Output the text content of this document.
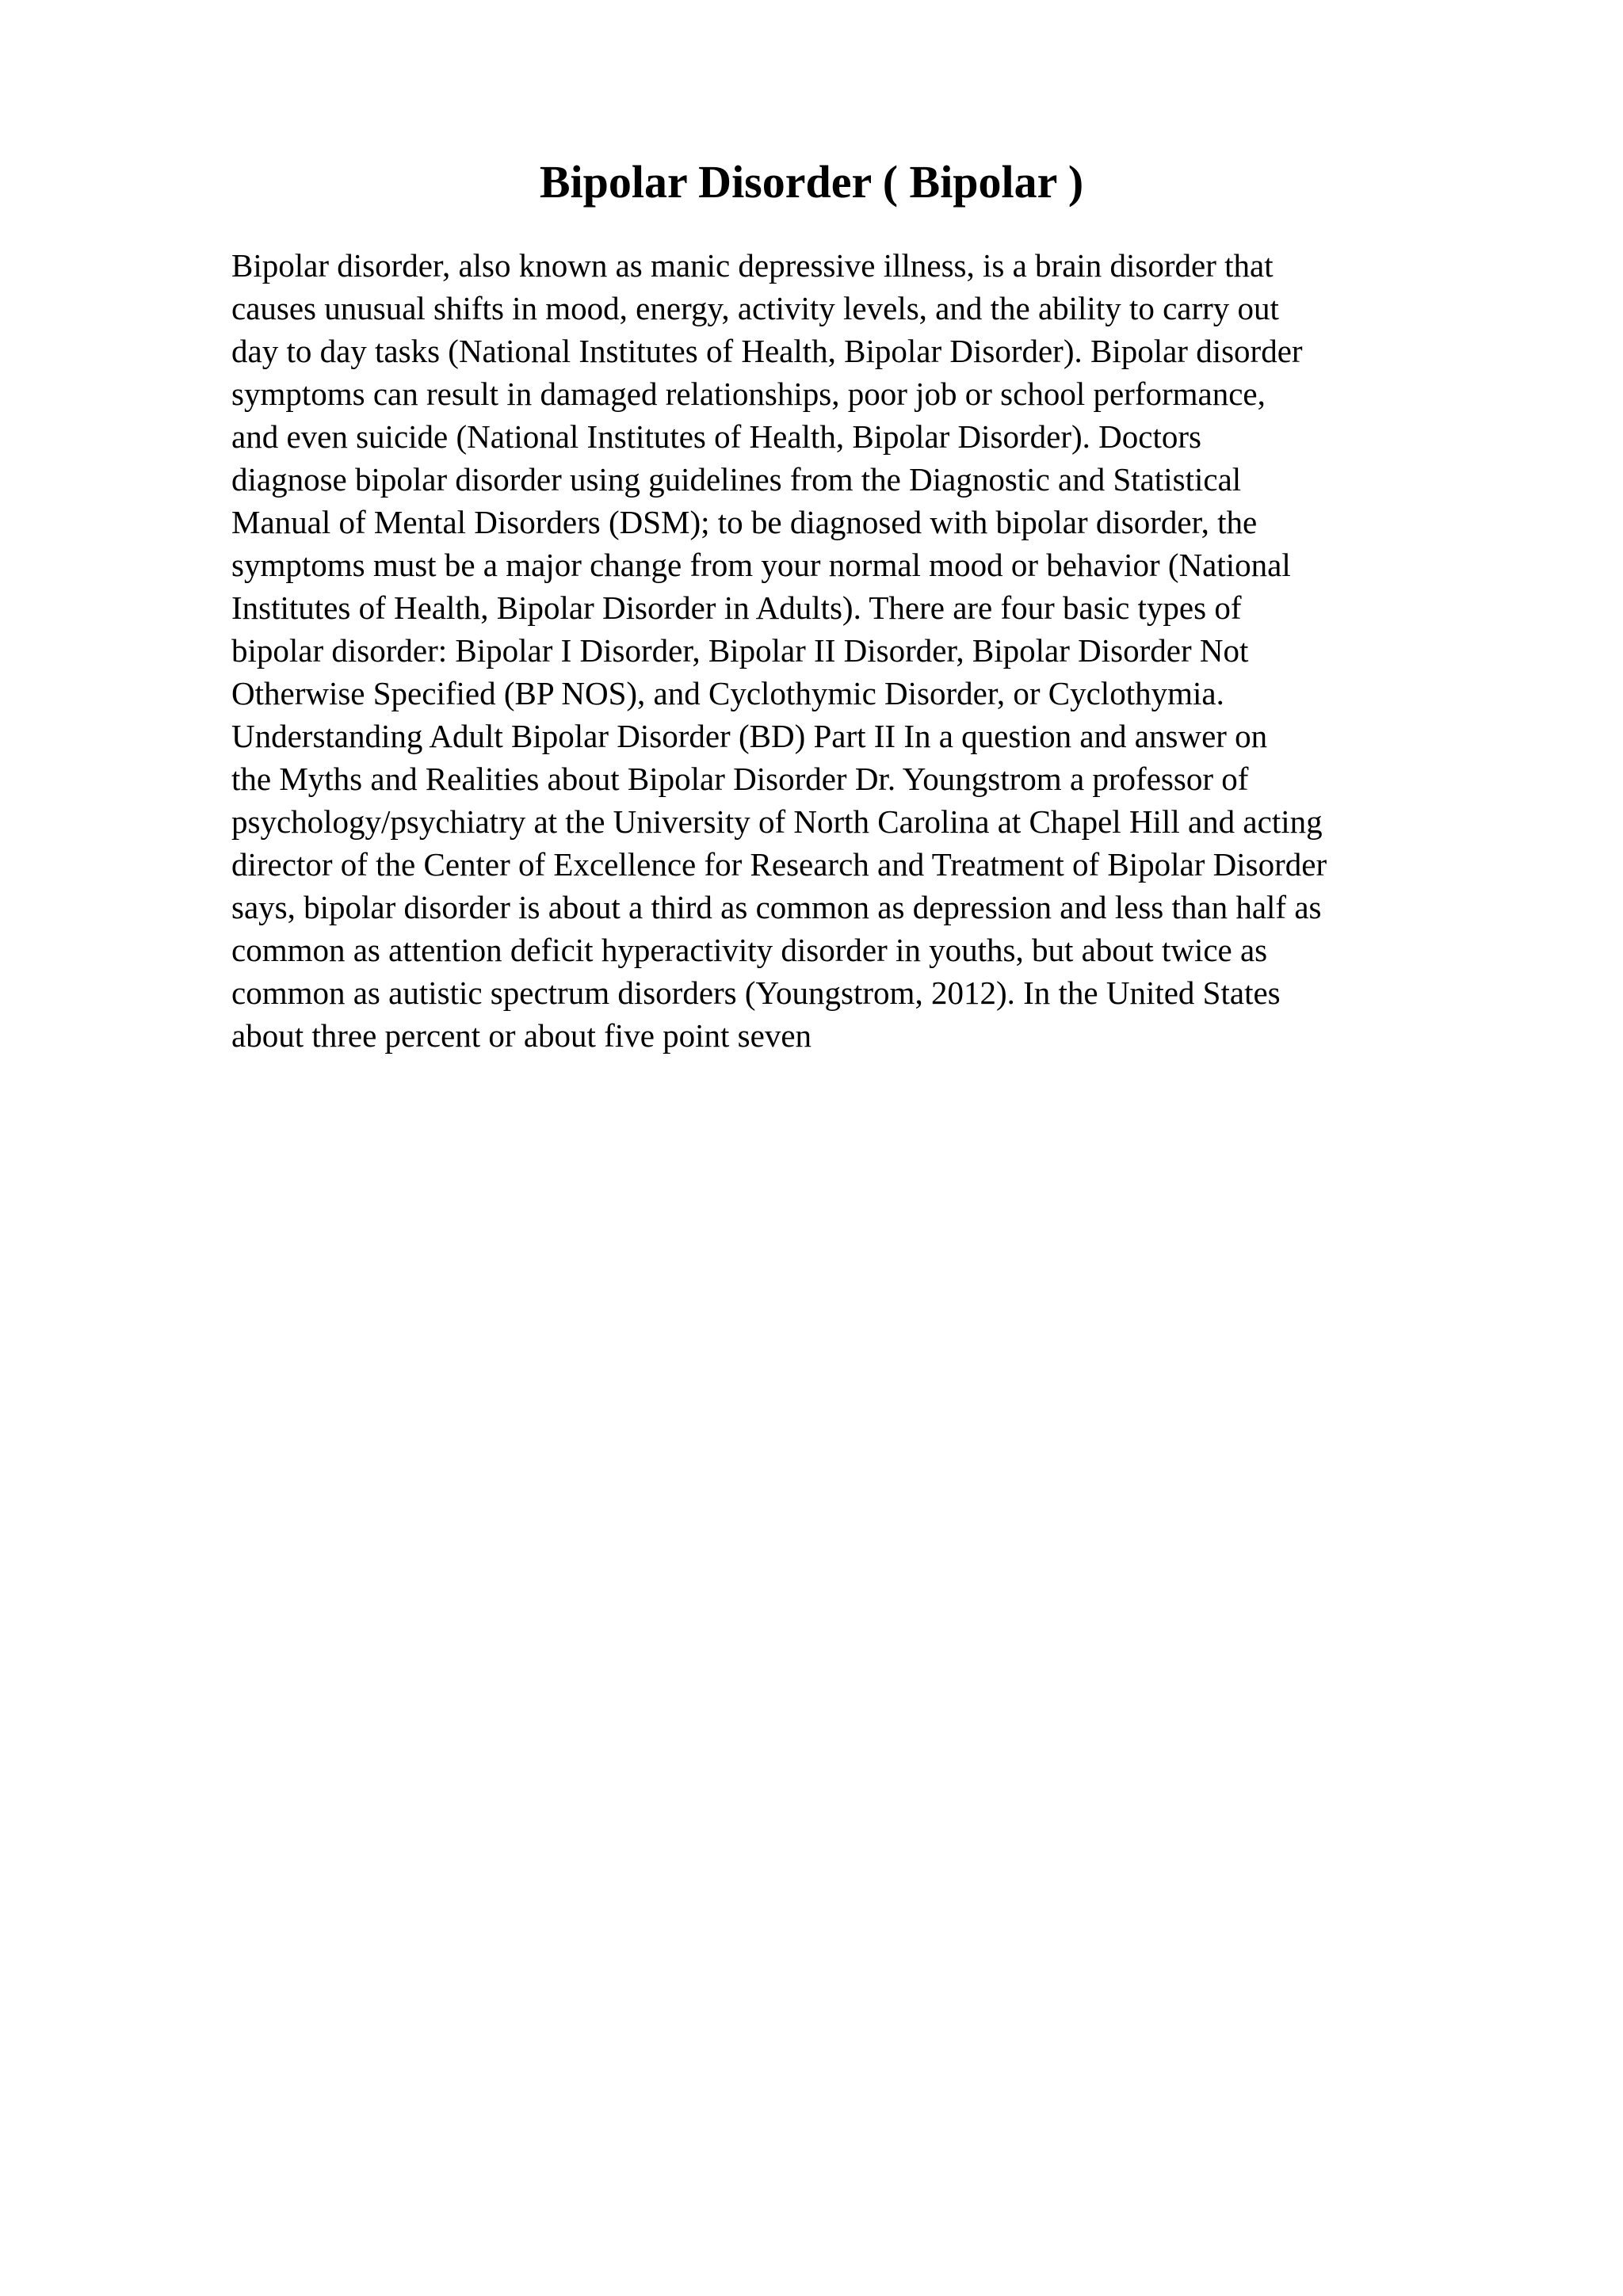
Bipolar Disorder ( Bipolar )
Bipolar disorder, also known as manic depressive illness, is a brain disorder that
causes unusual shifts in mood, energy, activity levels, and the ability to carry out
day to day tasks (National Institutes of Health, Bipolar Disorder). Bipolar disorder
symptoms can result in damaged relationships, poor job or school performance,
and even suicide (National Institutes of Health, Bipolar Disorder). Doctors
diagnose bipolar disorder using guidelines from the Diagnostic and Statistical
Manual of Mental Disorders (DSM); to be diagnosed with bipolar disorder, the
symptoms must be a major change from your normal mood or behavior (National
Institutes of Health, Bipolar Disorder in Adults). There are four basic types of
bipolar disorder: Bipolar I Disorder, Bipolar II Disorder, Bipolar Disorder Not
Otherwise Specified (BP NOS), and Cyclothymic Disorder, or Cyclothymia.
Understanding Adult Bipolar Disorder (BD) Part II In a question and answer on
the Myths and Realities about Bipolar Disorder Dr. Youngstrom a professor of
psychology/psychiatry at the University of North Carolina at Chapel Hill and acting
director of the Center of Excellence for Research and Treatment of Bipolar Disorder
says, bipolar disorder is about a third as common as depression and less than half as
common as attention deficit hyperactivity disorder in youths, but about twice as
common as autistic spectrum disorders (Youngstrom, 2012). In the United States
about three percent or about five point seven
